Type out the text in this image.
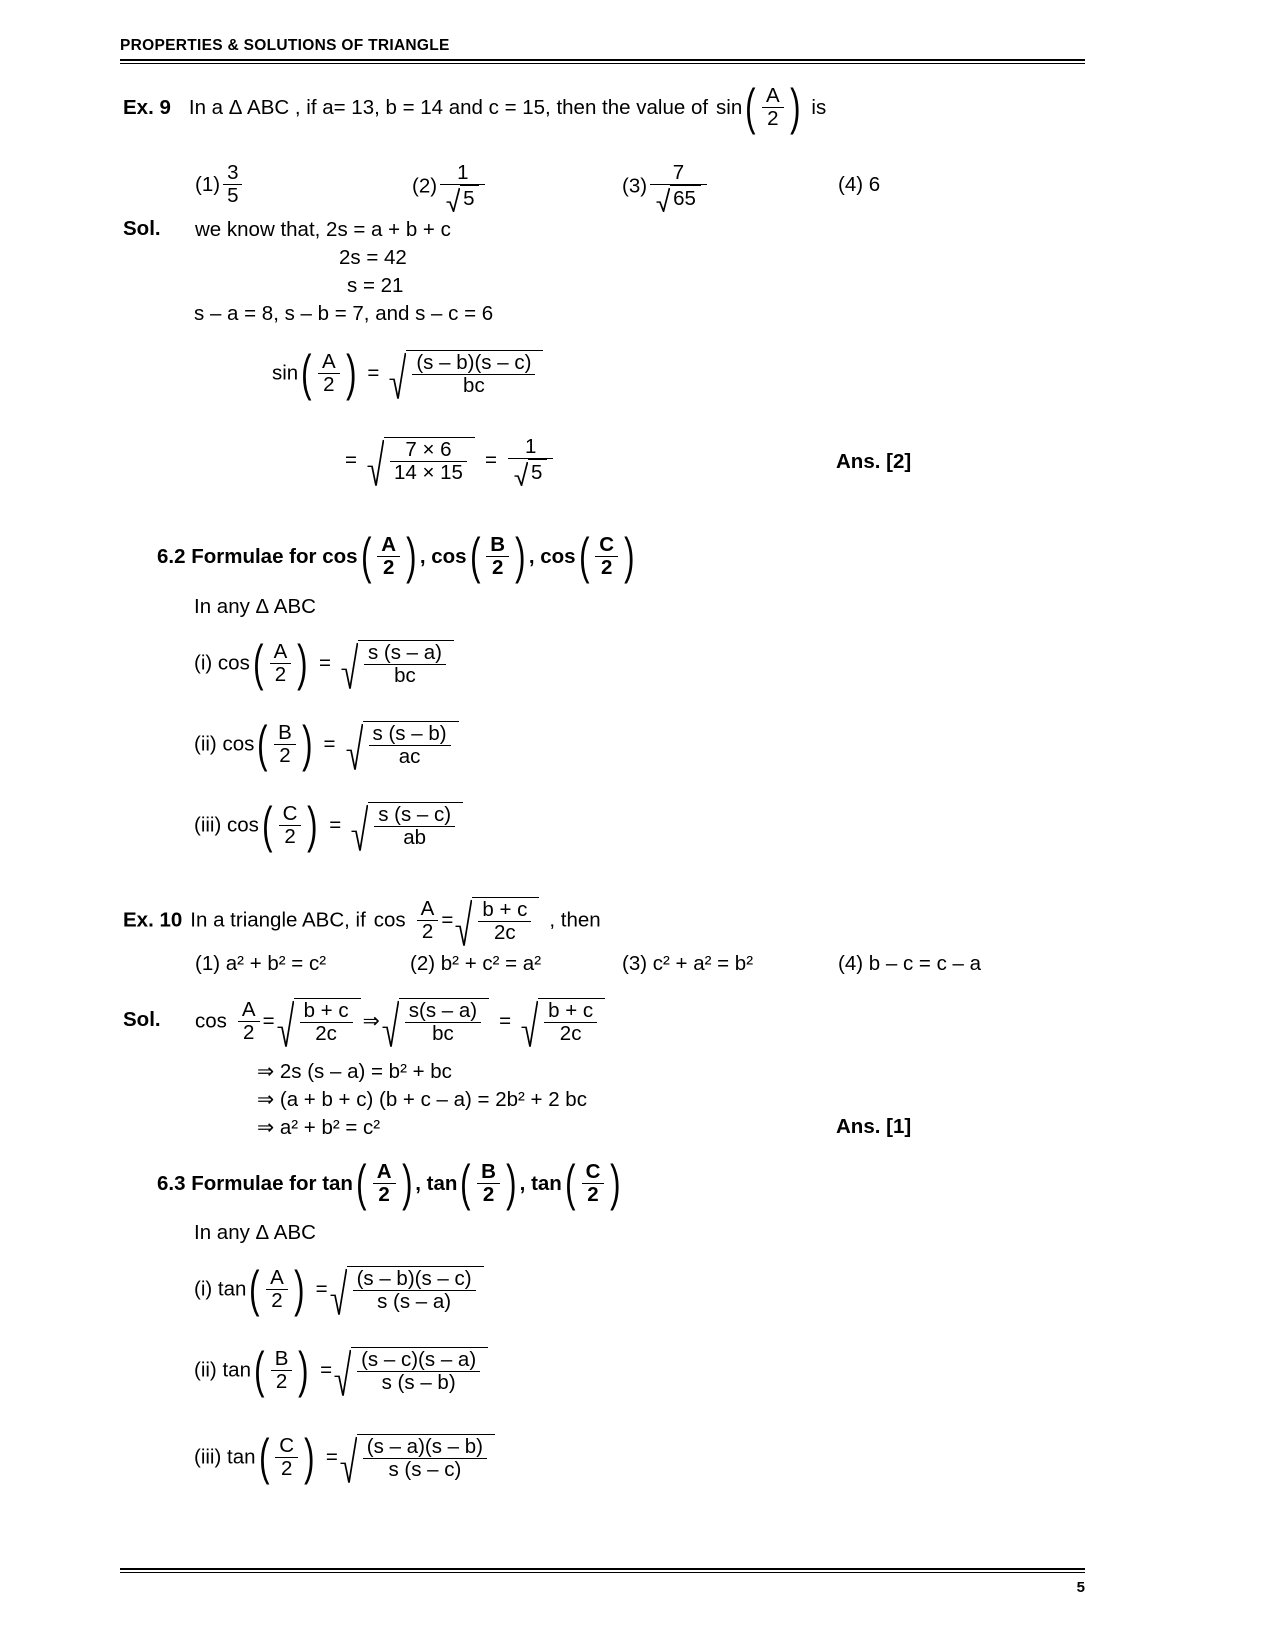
PROPERTIES & SOLUTIONS OF TRIANGLE
Ex. 9 In a Δ ABC , if a= 13, b = 14 and c = 15, then the value of $\sin( \frac{A}{2}$ ) is
$(1) \frac{3}{5}$	$(2) \frac{1}{5}$	$(3) \frac{7}{65}$	(4) 6
Sol. we know that, 2s = a + b + c
2s = 42
s = 21
s – a = 8, s – b = 7, and s – c = 6
$\sin( \frac{A}{2}$ ) = $\frac{(s - b)(s - c)}{bc}$
= $\frac{7 \times 6}{14 \times 15} = \frac{1}{5}$	Ans. [2]
6.2 Formulae for $\cos( \frac{A}{2}$ ) , $\cos( \frac{B}{2}$ ) , $\cos( \frac{C}{2}$ )
In any Δ ABC
(i) $\cos( \frac{A}{2}$ ) = $\frac{s (s - a)}{bc}$
(ii) $\cos( \frac{B}{2}$ ) = $\frac{s (s - b)}{ac}$
(iii) $\cos( \frac{C}{2}$ ) = $\frac{s (s - c)}{ab}$
Ex. 10 In a triangle ABC, if $\cos \frac{A}{2} = \frac{b + c}{2c}$ , then
(1) a² + b² = c²	(2) b² + c² = a²	(3) c² + a² = b²	(4) b – c = c – a
Sol. $\cos \frac{A}{2} = \frac{b + c}{2c}$ ⇒ $\frac{s(s - a)}{bc} = \frac{b + c}{2c}$
⇒ 2s (s – a) = b² + bc
⇒ (a + b + c) (b + c – a) = 2b² + 2 bc
⇒ a² + b² = c²	Ans. [1]
6.3 Formulae for $\tan( \frac{A}{2}$ ) , $\tan( \frac{B}{2}$ ) , $\tan( \frac{C}{2}$ )
In any Δ ABC
(i) $\tan( \frac{A}{2}$ ) = $\frac{(s - b)(s - c)}{s (s - a)}$
(ii) $\tan( \frac{B}{2}$ ) = $\frac{(s - c)(s - a)}{s (s - b)}$
(iii) $\tan( \frac{C}{2}$ ) = $\frac{(s - a)(s - b)}{s (s - c)}$
5
